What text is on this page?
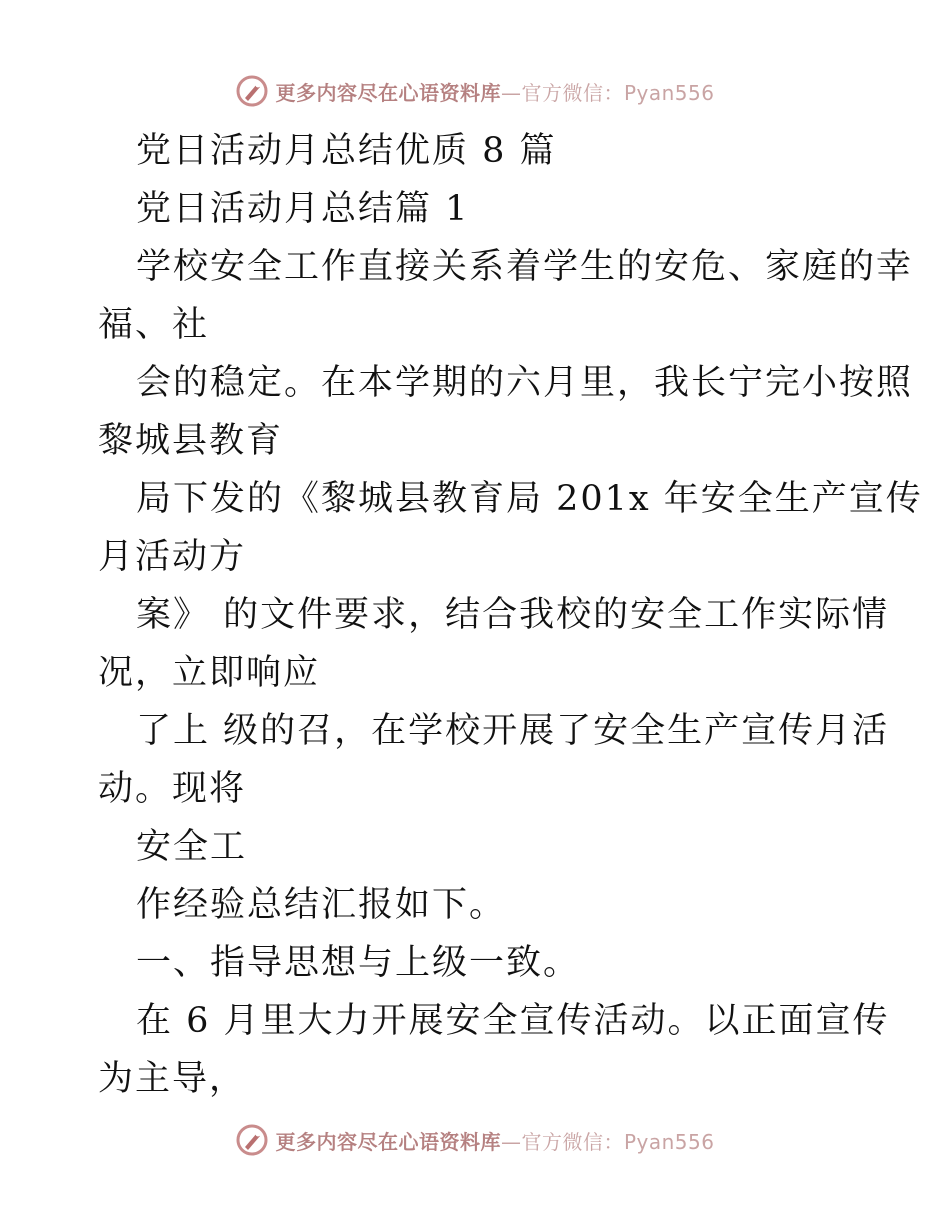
更多内容尽在心语资料库—官方微信：Pyan556
党日活动月总结优质 8 篇
党日活动月总结篇 1
学校安全工作直接关系着学生的安危、家庭的幸
福、社
会的稳定。在本学期的六月里，我长宁完小按照
黎城县教育
局下发的《黎城县教育局 201x 年安全生产宣传
月活动方
案》 的文件要求，结合我校的安全工作实际情
况，立即响应
了上 级的召，在学校开展了安全生产宣传月活
动。现将
安全工
作经验总结汇报如下。
一、指导思想与上级一致。
在 6 月里大力开展安全宣传活动。以正面宣传
为主导，
更多内容尽在心语资料库—官方微信：Pyan556
